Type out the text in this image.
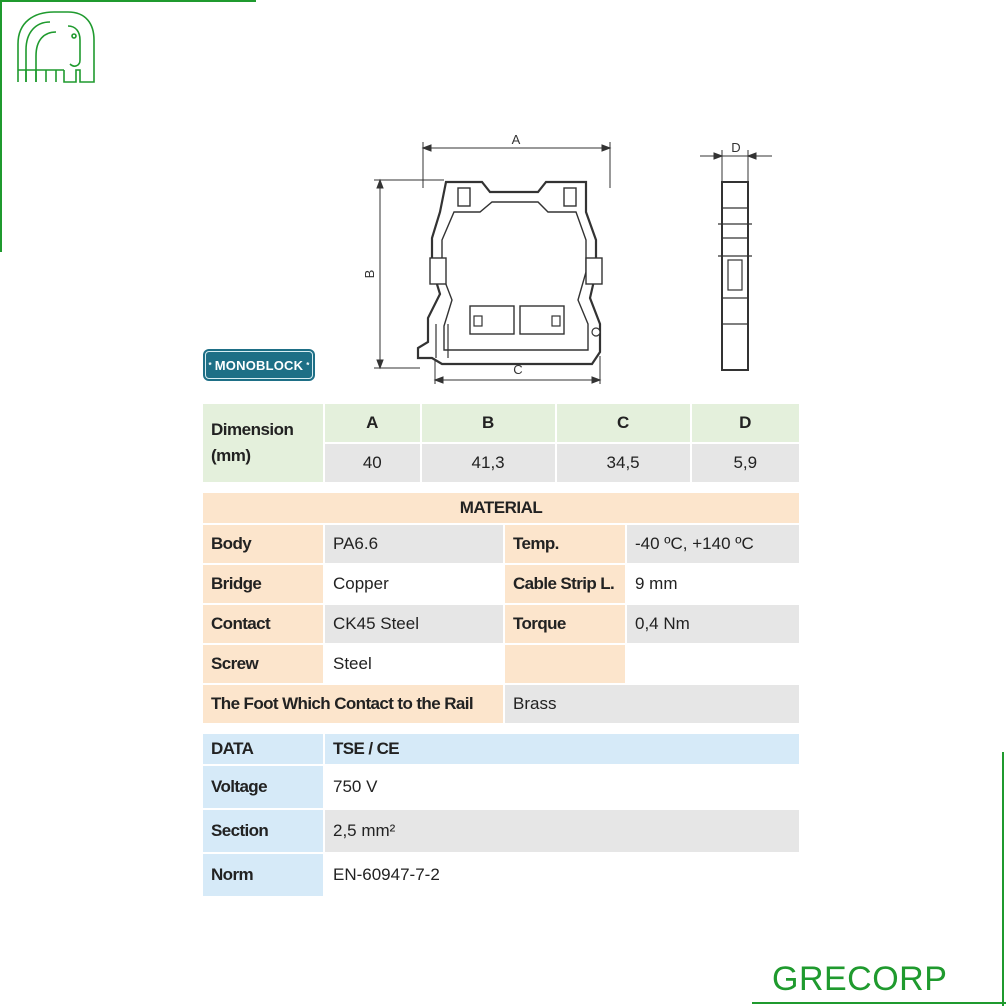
A
B
C
D
* MONOBLOCK *
Dimension
(mm)	A	B	C	D
	40	41,3	34,5	5,9
MATERIAL			
Body	PA6.6	Temp.	-40 ºC, +140 ºC
Bridge	Copper	Cable Strip L.	9 mm
Contact	CK45 Steel	Torque	0,4 Nm
Screw	Steel		
The Foot Which Contact to the Rail		Brass	
DATA	TSE / CE
Voltage	750 V
Section	2,5 mm²
Norm	EN-60947-7-2
GRECORP
